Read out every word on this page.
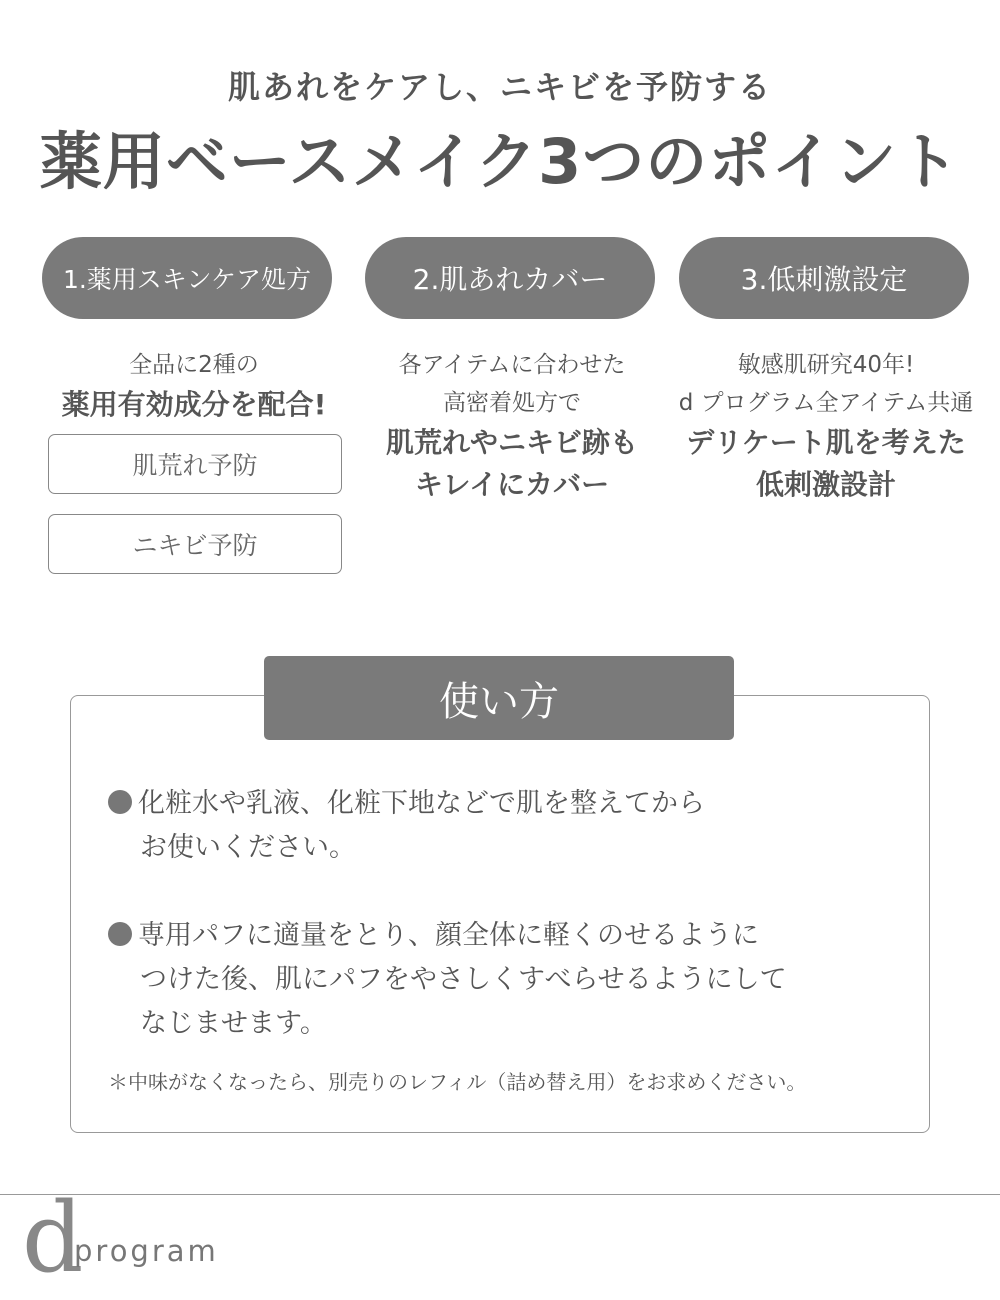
肌あれをケアし、ニキビを予防する
薬用ベースメイク3つのポイント
1.薬用スキンケア処方	2.肌あれカバー	3.低刺激設定
全品に2種の
薬用有効成分を配合!
肌荒れ予防
ニキビ予防
各アイテムに合わせた
高密着処方で
肌荒れやニキビ跡も
キレイにカバー
敏感肌研究40年!
d プログラム全アイテム共通
デリケート肌を考えた
低刺激設計
使い方
化粧水や乳液、化粧下地などで肌を整えてから
お使いください。
専用パフに適量をとり、顔全体に軽くのせるように
つけた後、肌にパフをやさしくすべらせるようにして
なじませます。
＊中味がなくなったら、別売りのレフィル（詰め替え用）をお求めください。
d
program
